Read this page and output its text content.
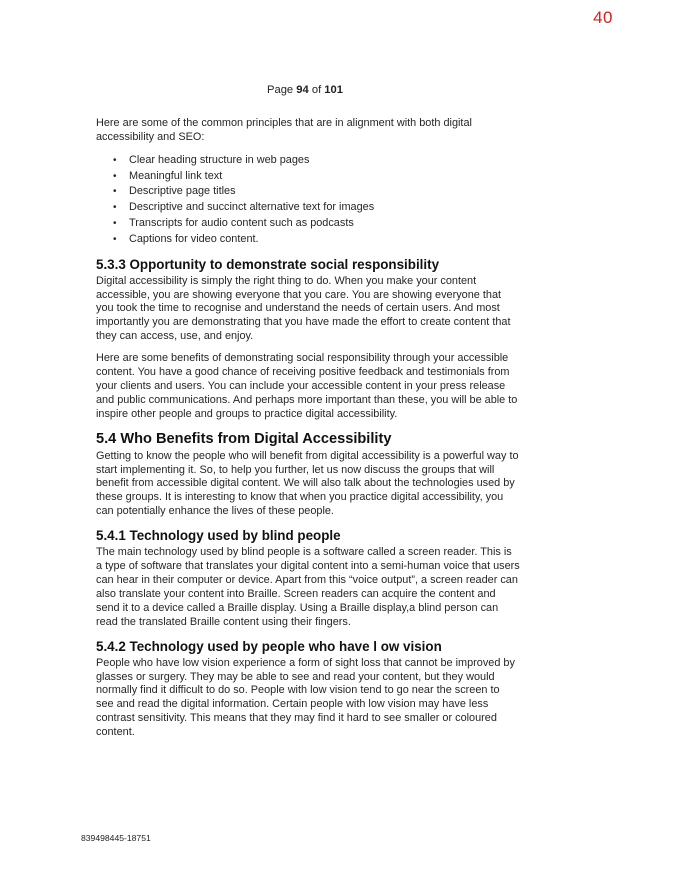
40
Page 94 of 101

Here are some of the common principles that are in alignment with both digital accessibility and SEO:

• Clear heading structure in web pages
• Meaningful link text
• Descriptive page titles
• Descriptive and succinct alternative text for images
• Transcripts for audio content such as podcasts
• Captions for video content.
5.3.3 Opportunity to demonstrate social responsibility

Digital accessibility is simply the right thing to do. When you make your content accessible, you are showing everyone that you care. You are showing everyone that you took the time to recognise and understand the needs of certain users. And most importantly you are demonstrating that you have made the effort to create content that they can access, use, and enjoy.

Here are some benefits of demonstrating social responsibility through your accessible content. You have a good chance of receiving positive feedback and testimonials from your clients and users. You can include your accessible content in your press release and public communications. And perhaps more important than these, you will be able to inspire other people and groups to practice digital accessibility.

5.4 Who Benefits from Digital Accessibility

Getting to know the people who will benefit from digital accessibility is a powerful way to start implementing it. So, to help you further, let us now discuss the groups that will benefit from accessible digital content. We will also talk about the technologies used by these groups. It is interesting to know that when you practice digital accessibility, you can potentially enhance the lives of these people.

5.4.1 Technology used by blind people

The main technology used by blind people is a software called a screen reader. This is a type of software that translates your digital content into a semi-human voice that users can hear in their computer or device. Apart from this “voice output”, a screen reader can also translate your content into Braille. Screen readers can acquire the content and send it to a device called a Braille display. Using a Braille display,a blind person can read the translated Braille content using their fingers.

5.4.2 Technology used by people who have l ow vision

People who have low vision experience a form of sight loss that cannot be improved by glasses or surgery. They may be able to see and read your content, but they would normally find it difficult to do so. People with low vision tend to go near the screen to see and read the digital information. Certain people with low vision may have less contrast sensitivity. This means that they may find it hard to see smaller or coloured content.

839498445-18751
